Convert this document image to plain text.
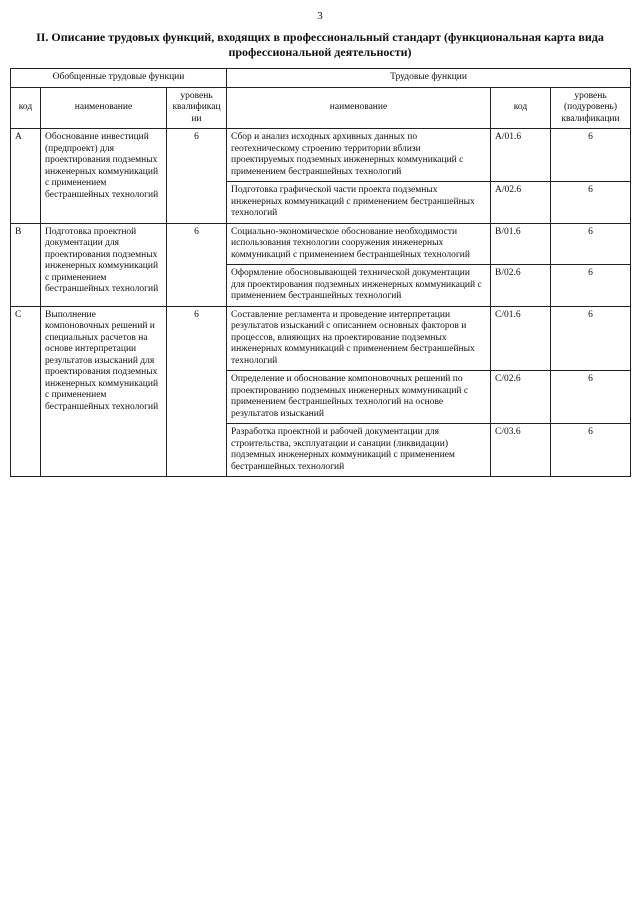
3
II. Описание трудовых функций, входящих в профессиональный стандарт (функциональная карта вида профессиональной деятельности)
Обобщенные трудовые функции			Трудовые функции		
код	наименование	уровень квалификации	наименование	код	уровень (подуровень) квалификации
А	Обоснование инвестиций (предпроект) для проектирования подземных инженерных коммуникаций с применением бестраншейных технологий	6	Сбор и анализ исходных архивных данных по геотехническому строению территории вблизи проектируемых подземных инженерных коммуникаций с применением бестраншейных технологий	A/01.6	6
			Подготовка графической части проекта подземных инженерных коммуникаций с применением бестраншейных технологий	A/02.6	6
В	Подготовка проектной документации для проектирования подземных инженерных коммуникаций с применением бестраншейных технологий	6	Социально-экономическое обоснование необходимости использования технологии сооружения инженерных коммуникаций с применением бестраншейных технологий	B/01.6	6
			Оформление обосновывающей технической документации для проектирования подземных инженерных коммуникаций с применением бестраншейных технологий	B/02.6	6
С	Выполнение компоновочных решений и специальных расчетов на основе интерпретации результатов изысканий для проектирования подземных инженерных коммуникаций с применением бестраншейных технологий	6	Составление регламента и проведение интерпретации результатов изысканий с описанием основных факторов и процессов, влияющих на проектирование подземных инженерных коммуникаций с применением бестраншейных технологий	C/01.6	6
			Определение и обоснование компоновочных решений по проектированию подземных инженерных коммуникаций с применением бестраншейных технологий на основе результатов изысканий	C/02.6	6
			Разработка проектной и рабочей документации для строительства, эксплуатации и санации (ликвидации) подземных инженерных коммуникаций с применением бестраншейных технологий	C/03.6	6
